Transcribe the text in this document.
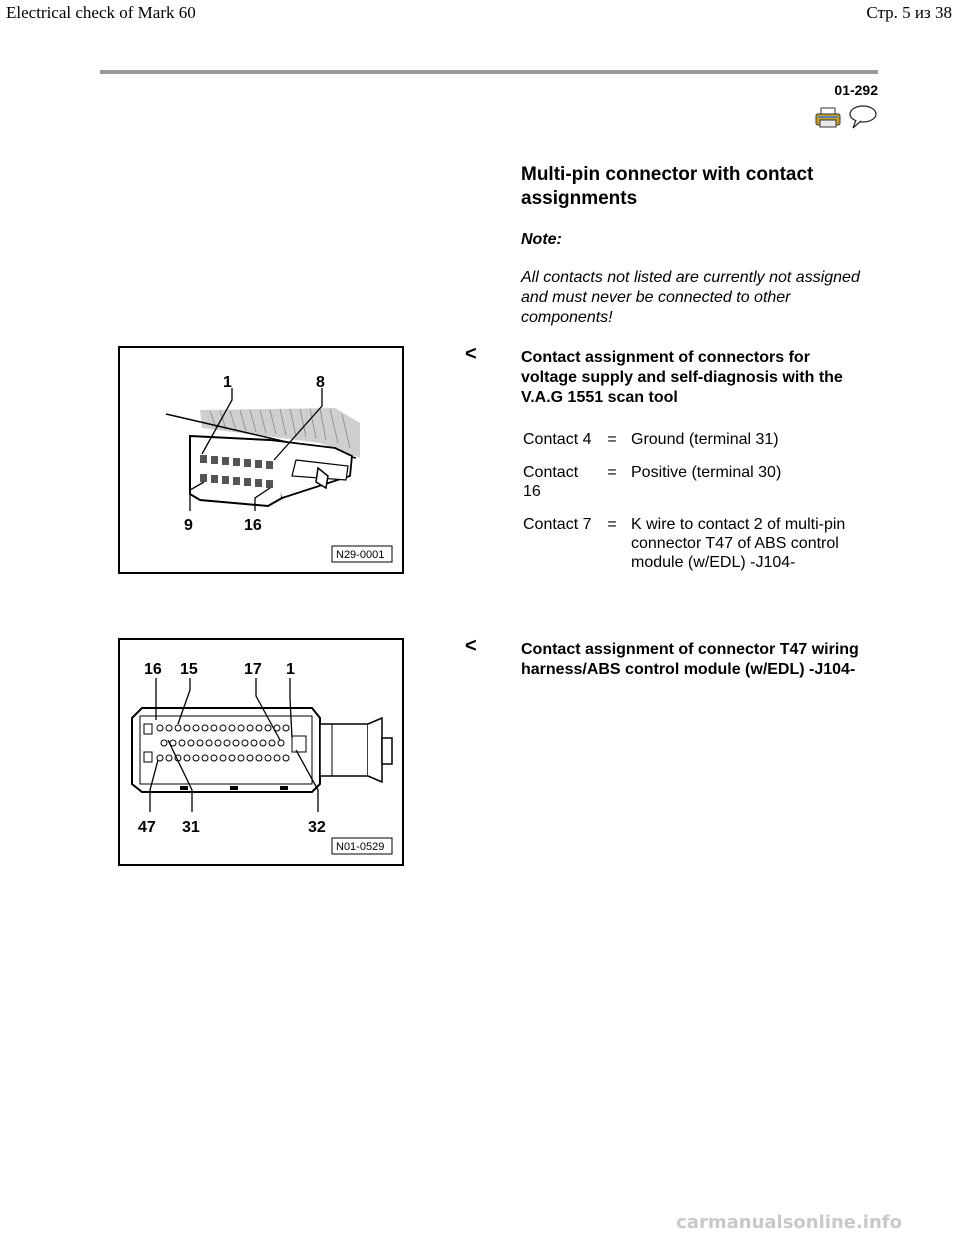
Electrical check of Mark 60	Стр. 5 из 38
01-292
Multi-pin connector with contact assignments
Note:
All contacts not listed are currently not assigned and must never be connected to other components!
<	Contact assignment of connectors for voltage supply and self-diagnosis with the V.A.G 1551 scan tool
1	8
9	16
N29-0001
Contact 4	=	Ground (terminal 31)
Contact 16	=	Positive (terminal 30)
Contact 7	=	K wire to contact 2 of multi-pin connector T47 of ABS control module (w/EDL) -J104-
<	Contact assignment of connector T47 wiring harness/ABS control module (w/EDL) -J104-
16 15	17 1
47 31	32
N01-0529
carmanualsonline.info
